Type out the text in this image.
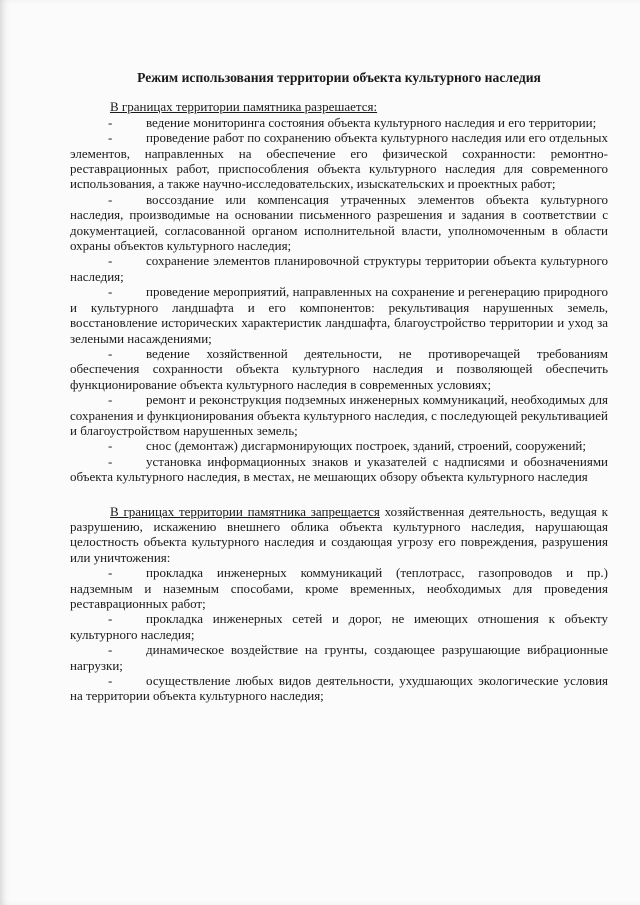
Режим использования территории объекта культурного наследия

В границах территории памятника разрешается:

-	ведение мониторинга состояния объекта культурного наследия и его территории;

-	проведение работ по сохранению объекта культурного наследия или его отдельных элементов, направленных на обеспечение его физической сохранности: ремонтно-реставрационных работ, приспособления объекта культурного наследия для современного использования, а также научно-исследовательских, изыскательских и проектных работ;

-	воссоздание или компенсация утраченных элементов объекта культурного наследия, производимые на основании письменного разрешения и задания в соответствии с документацией, согласованной органом исполнительной власти, уполномоченным в области охраны объектов культурного наследия;

-	сохранение элементов планировочной структуры территории объекта культурного наследия;

-	проведение мероприятий, направленных на сохранение и регенерацию природного и культурного ландшафта и его компонентов: рекультивация нарушенных земель, восстановление исторических характеристик ландшафта, благоустройство территории и уход за зелеными насаждениями;

-	ведение хозяйственной деятельности, не противоречащей требованиям обеспечения сохранности объекта культурного наследия и позволяющей обеспечить функционирование объекта культурного наследия в современных условиях;

-	ремонт и реконструкция подземных инженерных коммуникаций, необходимых для сохранения и функционирования объекта культурного наследия, с последующей рекультивацией и благоустройством нарушенных земель;

-	снос (демонтаж) дисгармонирующих построек, зданий, строений, сооружений;

-	установка информационных знаков и указателей с надписями и обозначениями объекта культурного наследия, в местах, не мешающих обзору объекта культурного наследия

В границах территории памятника запрещается хозяйственная деятельность, ведущая к разрушению, искажению внешнего облика объекта культурного наследия, нарушающая целостность объекта культурного наследия и создающая угрозу его повреждения, разрушения или уничтожения:

-	прокладка инженерных коммуникаций (теплотрасс, газопроводов и пр.) надземным и наземным способами, кроме временных, необходимых для проведения реставрационных работ;

-	прокладка инженерных сетей и дорог, не имеющих отношения к объекту культурного наследия;

-	динамическое воздействие на грунты, создающее разрушающие вибрационные нагрузки;

-	осуществление любых видов деятельности, ухудшающих экологические условия на территории объекта культурного наследия;
